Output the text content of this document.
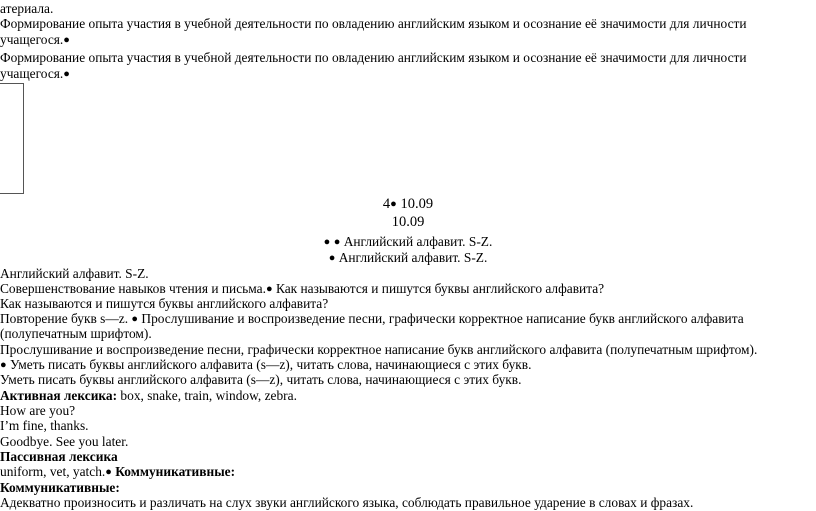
атериала.
Формирование опыта участия в учебной деятельности по овладению английским языком и осознание её значимости для личности
учащегося.●
Формирование опыта участия в учебной деятельности по овладению английским языком и осознание её значимости для личности
учащегося.●
4● 10.09
10.09
● ● Английский алфавит. S-Z.
● Английский алфавит. S-Z.
Английский алфавит. S-Z.
Совершенствование навыков чтения и письма.● Как называются и пишутся буквы английского алфавита?
Как называются и пишутся буквы английского алфавита?
Повторение букв s—z. ● Прослушивание и воспроизведение песни, графически корректное написание букв английского алфавита
(полупечатным шрифтом).
Прослушивание и воспроизведение песни, графически корректное написание букв английского алфавита (полупечатным шрифтом).
● Уметь писать буквы английского алфавита (s—z), читать слова, начинающиеся с этих букв.
Уметь писать буквы английского алфавита (s—z), читать слова, начинающиеся с этих букв.
Активная лексика: box, snake, train, window, zebra.
How are you?
I’m fine, thanks.
Goodbye. See you later.
Пассивная лексика
uniform, vet, yatch.● Коммуникативные:
Коммуникативные:
Адекватно произносить и различать на слух звуки английского языка, соблюдать правильное ударение в словах и фразах.
